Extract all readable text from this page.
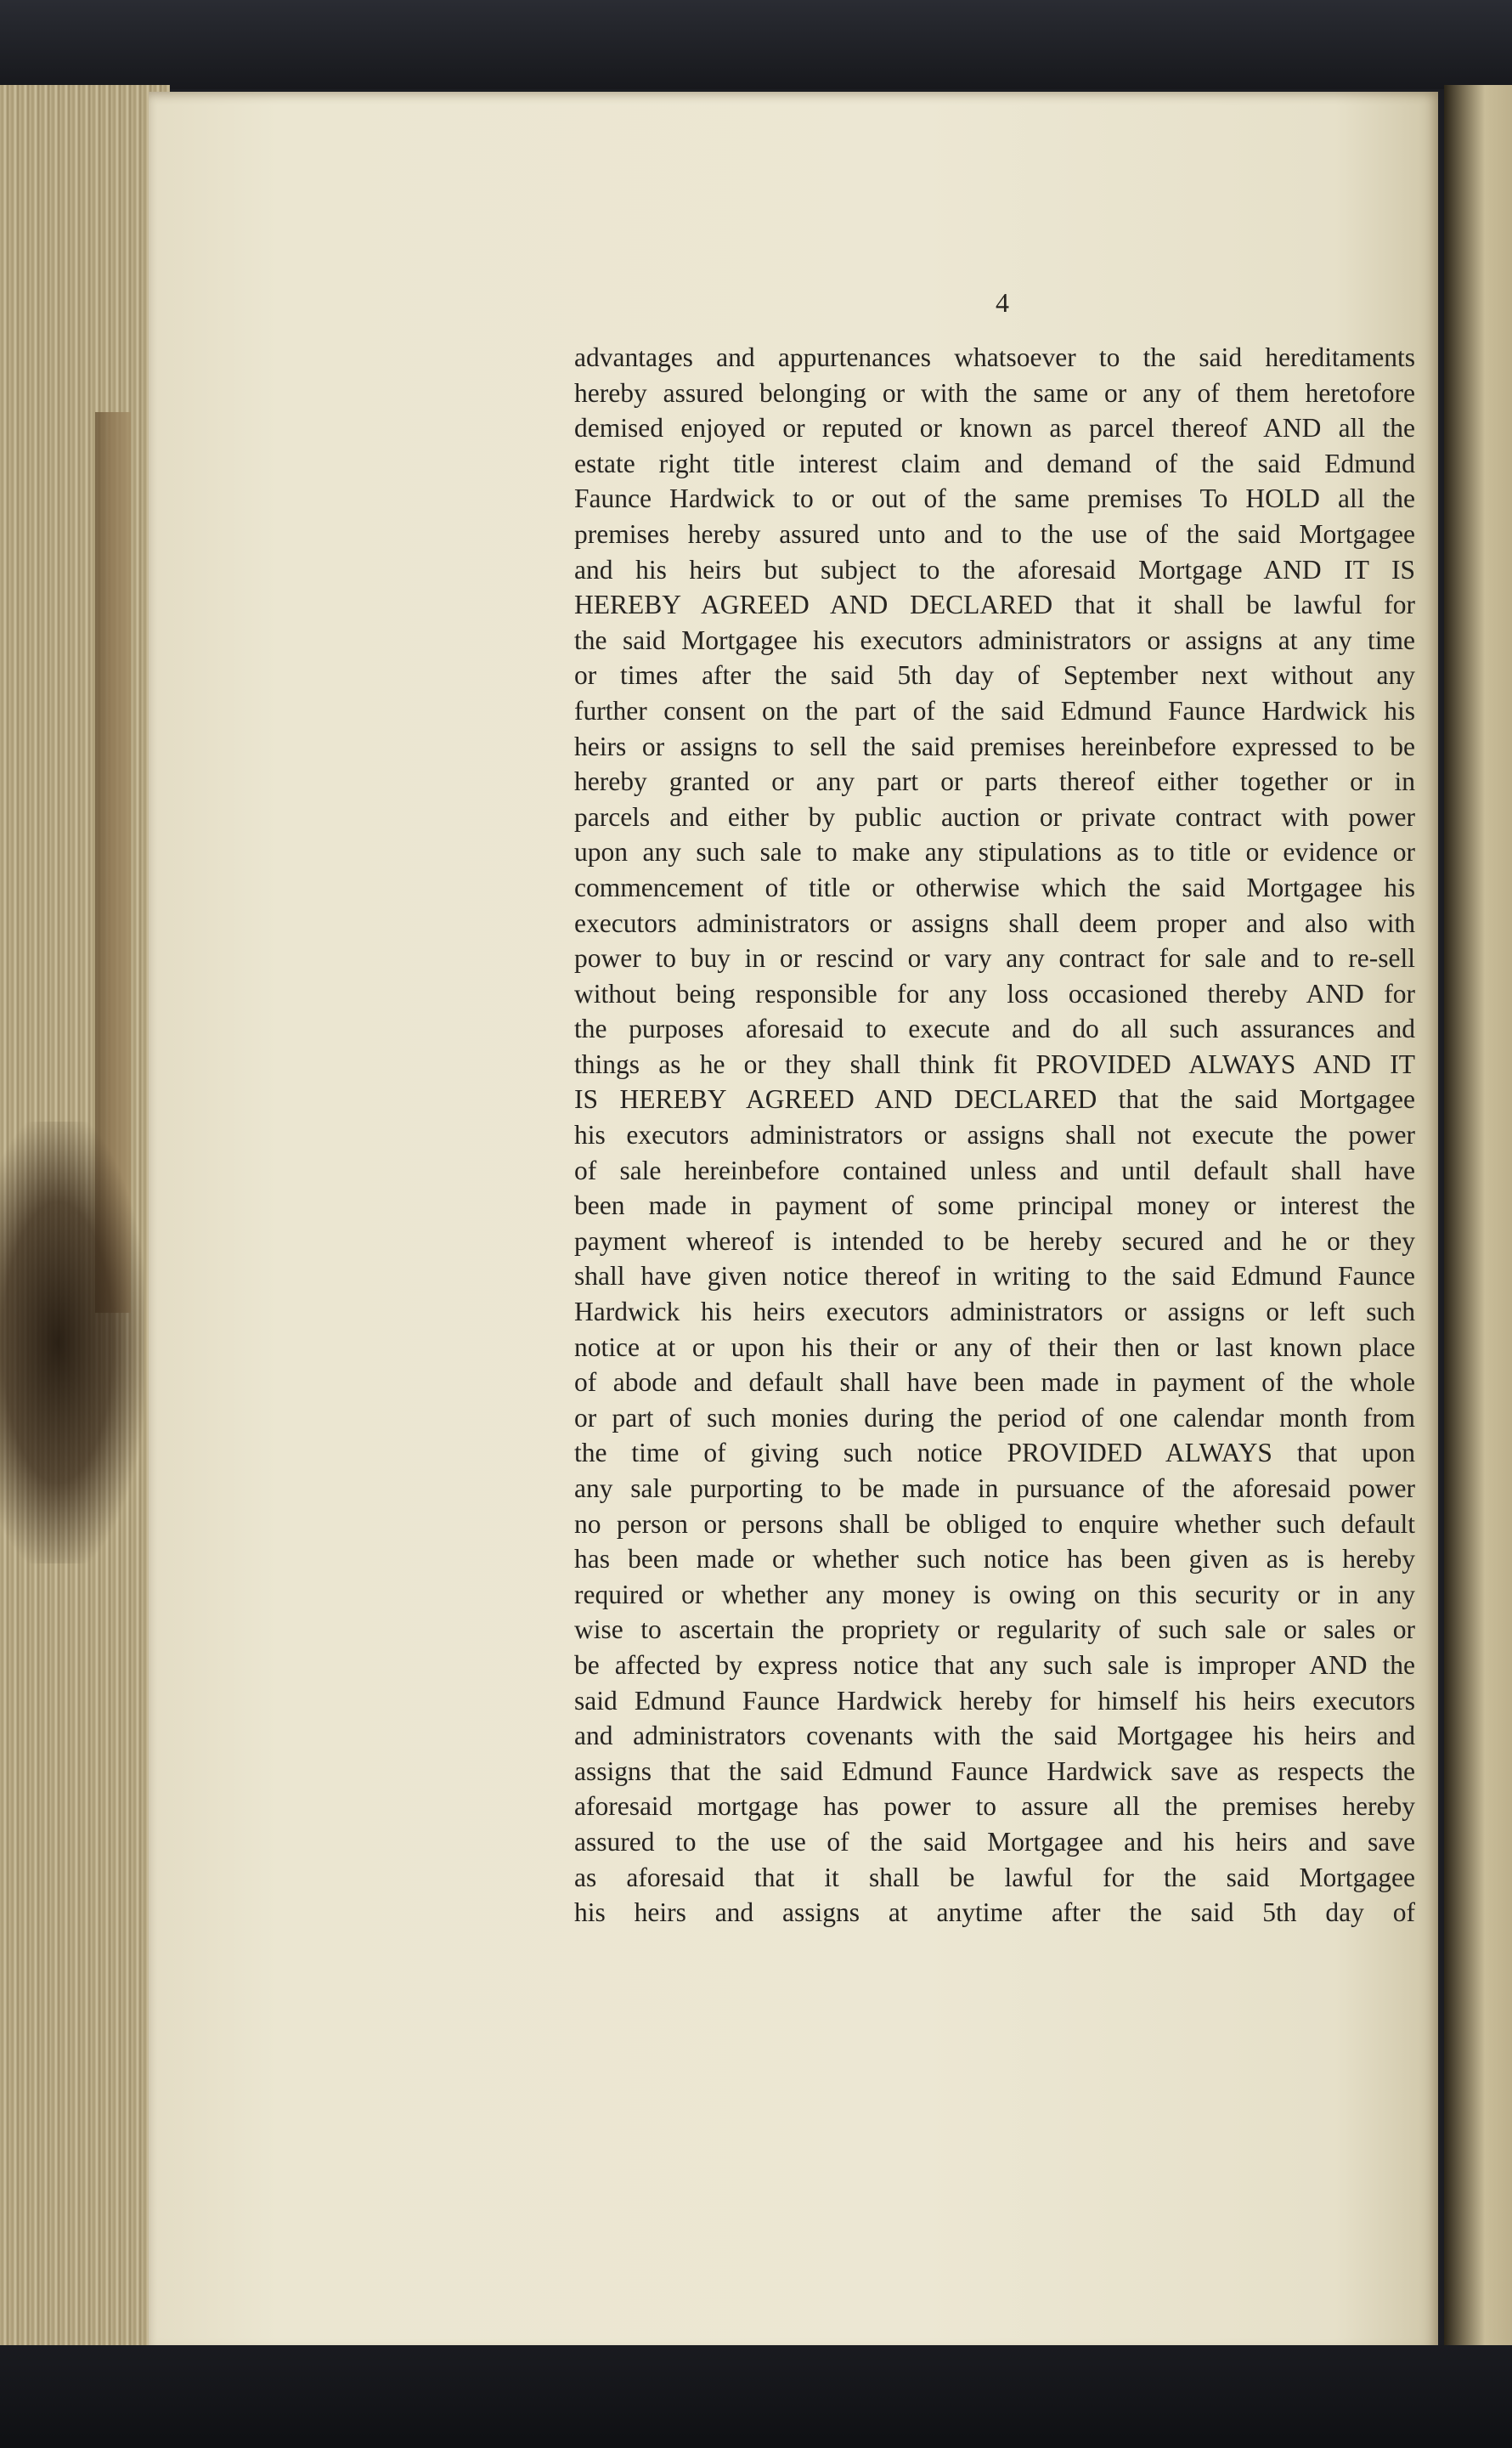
4
advantages and appurtenances whatsoever to the said hereditaments
hereby assured belonging or with the same or any of them heretofore
demised enjoyed or reputed or known as parcel thereof AND all the
estate right title interest claim and demand of the said Edmund
Faunce Hardwick to or out of the same premises To HOLD all the
premises hereby assured unto and to the use of the said Mortgagee
and his heirs but subject to the aforesaid Mortgage AND IT IS
HEREBY AGREED AND DECLARED that it shall be lawful for
the said Mortgagee his executors administrators or assigns at any time
or times after the said 5th day of September next without any
further consent on the part of the said Edmund Faunce Hardwick his
heirs or assigns to sell the said premises hereinbefore expressed to be
hereby granted or any part or parts thereof either together or in
parcels and either by public auction or private contract with power
upon any such sale to make any stipulations as to title or evidence or
commencement of title or otherwise which the said Mortgagee his
executors administrators or assigns shall deem proper and also with
power to buy in or rescind or vary any contract for sale and to re-sell
without being responsible for any loss occasioned thereby AND for
the purposes aforesaid to execute and do all such assurances and
things as he or they shall think fit PROVIDED ALWAYS AND IT
IS HEREBY AGREED AND DECLARED that the said Mortgagee
his executors administrators or assigns shall not execute the power
of sale hereinbefore contained unless and until default shall have
been made in payment of some principal money or interest the
payment whereof is intended to be hereby secured and he or they
shall have given notice thereof in writing to the said Edmund Faunce
Hardwick his heirs executors administrators or assigns or left such
notice at or upon his their or any of their then or last known place
of abode and default shall have been made in payment of the whole
or part of such monies during the period of one calendar month from
the time of giving such notice PROVIDED ALWAYS that upon
any sale purporting to be made in pursuance of the aforesaid power
no person or persons shall be obliged to enquire whether such default
has been made or whether such notice has been given as is hereby
required or whether any money is owing on this security or in any
wise to ascertain the propriety or regularity of such sale or sales or
be affected by express notice that any such sale is improper AND the
said Edmund Faunce Hardwick hereby for himself his heirs executors
and administrators covenants with the said Mortgagee his heirs and
assigns that the said Edmund Faunce Hardwick save as respects the
aforesaid mortgage has power to assure all the premises hereby
assured to the use of the said Mortgagee and his heirs and save
as aforesaid that it shall be lawful for the said Mortgagee
his heirs and assigns at anytime after the said 5th day of
